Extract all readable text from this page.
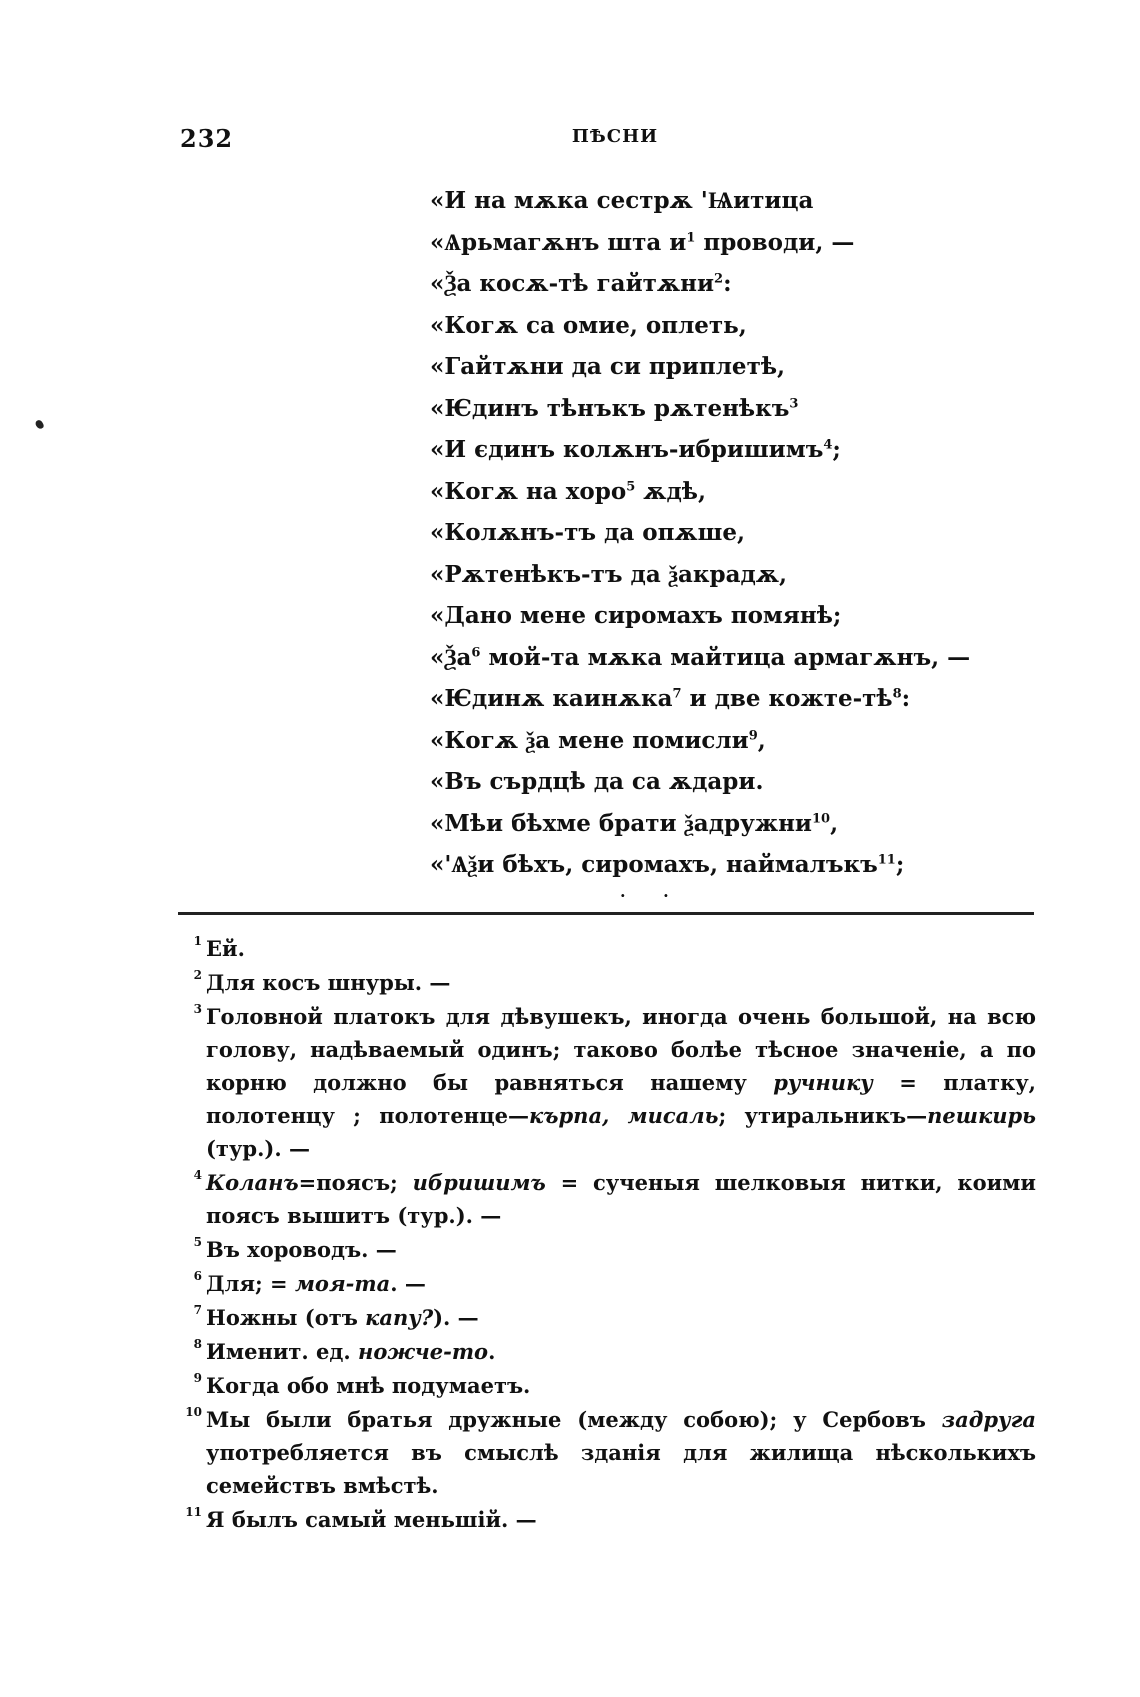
232	ПѢСНИ
«И на мѫка сестрѫ 'Ѩитица
«Ѧрьмагѫнъ шта $и^1$ проводи, —
«Ѯа косѫ-тѣ гайтѫни$^2$:
«Когѫ са омие, оплеть,
«Гайтѫни да си приплетѣ,
«Ѥдинъ тѣнъкъ рѫтенѣкъ$^3$
«И єдинъ колѫнъ-ибришимъ$^4$;
«Когѫ на хоро$^5$ ѫдѣ,
«Колѫнъ-тъ да опѫше,
«Рѫтенѣкъ-тъ да ѯакрадѫ,
«Дано мене сиромахъ помянѣ;
«$Ѯа^6$ мой-та мѫка майтица армагѫнъ, —
«Ѥдинѫ каинѫка$^7$ и две кожте-$тѣ^8$:
«Когѫ ѯа мене помисли$^9$,
«Въ сърдцѣ да са ѫдари.
«Мѣи бѣхме брати ѯадружни$^{10}$,
«'Ѧѯи бѣхъ, сиромахъ, наймалъкъ$^{11}$;
· ·
1 Ей.
2 Для косъ шнуры. —
3 Головной платокъ для дѣвушекъ, иногда очень большой, на всю голову, надѣваемый одинъ; таково болѣе тѣсное значеніе, а по корню должно бы равняться нашему ручнику = платку, полотенцу ; полотенце—кърпа, мисаль; утиральникъ—пешкирь (тур.). —
4 Коланъ=поясъ; ибришимъ = сученыя шелковыя нитки, коими поясъ вышитъ (тур.). —
5 Въ хороводъ. —
6 Для; = моя-та. —
7 Ножны (отъ капу?). —
8 Именит. ед. ножче-то.
9 Когда обо мнѣ подумаетъ.
10 Мы были братья дружные (между собою); у Сербовъ задруга употребляется въ смыслѣ зданія для жилища нѣсколькихъ семействъ вмѣстѣ.
11 Я былъ самый меньшій. —
